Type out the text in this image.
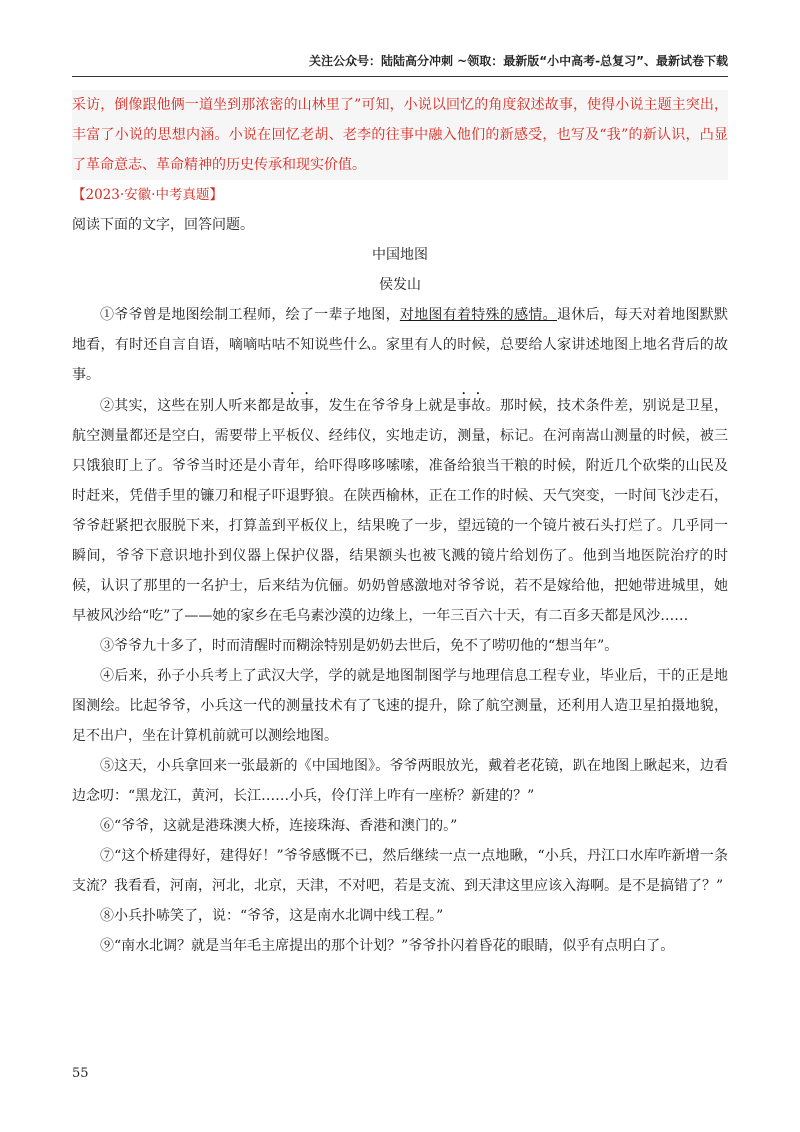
关注公众号：陆陆高分冲刺 ~领取：最新版“小中高考-总复习”、最新试卷下载

采访，倒像跟他俩一道坐到那浓密的山林里了”可知，小说以回忆的角度叙述故事，使得小说主题主突出，丰富了小说的思想内涵。小说在回忆老胡、老李的往事中融入他们的新感受，也写及“我”的新认识，凸显了革命意志、革命精神的历史传承和现实价值。

【2023·安徽·中考真题】

阅读下面的文字，回答问题。

中国地图

侯发山

①爷爷曾是地图绘制工程师，绘了一辈子地图，对地图有着特殊的感情。退休后，每天对着地图默默地看，有时还自言自语，嘀嘀咕咕不知说些什么。家里有人的时候，总要给人家讲述地图上地名背后的故事。

②其实，这些在别人听来都是故事，发生在爷爷身上就是事故。那时候，技术条件差，别说是卫星，航空测量都还是空白，需要带上平板仪、经纬仪，实地走访，测量，标记。在河南嵩山测量的时候，被三只饿狼盯上了。爷爷当时还是小青年，给吓得哆哆嗦嗦，准备给狼当干粮的时候，附近几个砍柴的山民及时赶来，凭借手里的镰刀和棍子吓退野狼。在陕西榆林，正在工作的时候、天气突变，一时间飞沙走石，爷爷赶紧把衣服脱下来，打算盖到平板仪上，结果晚了一步，望远镜的一个镜片被石头打烂了。几乎同一瞬间，爷爷下意识地扑到仪器上保护仪器，结果额头也被飞溅的镜片给划伤了。他到当地医院治疗的时候，认识了那里的一名护士，后来结为伉俪。奶奶曾感激地对爷爷说，若不是嫁给他，把她带进城里，她早被风沙给“吃”了——她的家乡在毛乌素沙漠的边缘上，一年三百六十天，有二百多天都是风沙……

③爷爷九十多了，时而清醒时而糊涂特别是奶奶去世后，免不了唠叨他的“想当年”。

④后来，孙子小兵考上了武汉大学，学的就是地图制图学与地理信息工程专业，毕业后，干的正是地图测绘。比起爷爷，小兵这一代的测量技术有了飞速的提升，除了航空测量，还利用人造卫星拍摄地貌，足不出户，坐在计算机前就可以测绘地图。

⑤这天，小兵拿回来一张最新的《中国地图》。爷爷两眼放光，戴着老花镜，趴在地图上瞅起来，边看边念叨：“黑龙江，黄河，长江……小兵，伶仃洋上咋有一座桥？新建的？”

⑥“爷爷，这就是港珠澳大桥，连接珠海、香港和澳门的。”

⑦“这个桥建得好，建得好！”爷爷感慨不已，然后继续一点一点地瞅，“小兵，丹江口水库咋新增一条支流？我看看，河南，河北，北京，天津，不对吧，若是支流、到天津这里应该入海啊。是不是搞错了？”

⑧小兵扑哧笑了，说：“爷爷，这是南水北调中线工程。”

⑨“南水北调？就是当年毛主席提出的那个计划？”爷爷扑闪着昏花的眼睛，似乎有点明白了。

55
